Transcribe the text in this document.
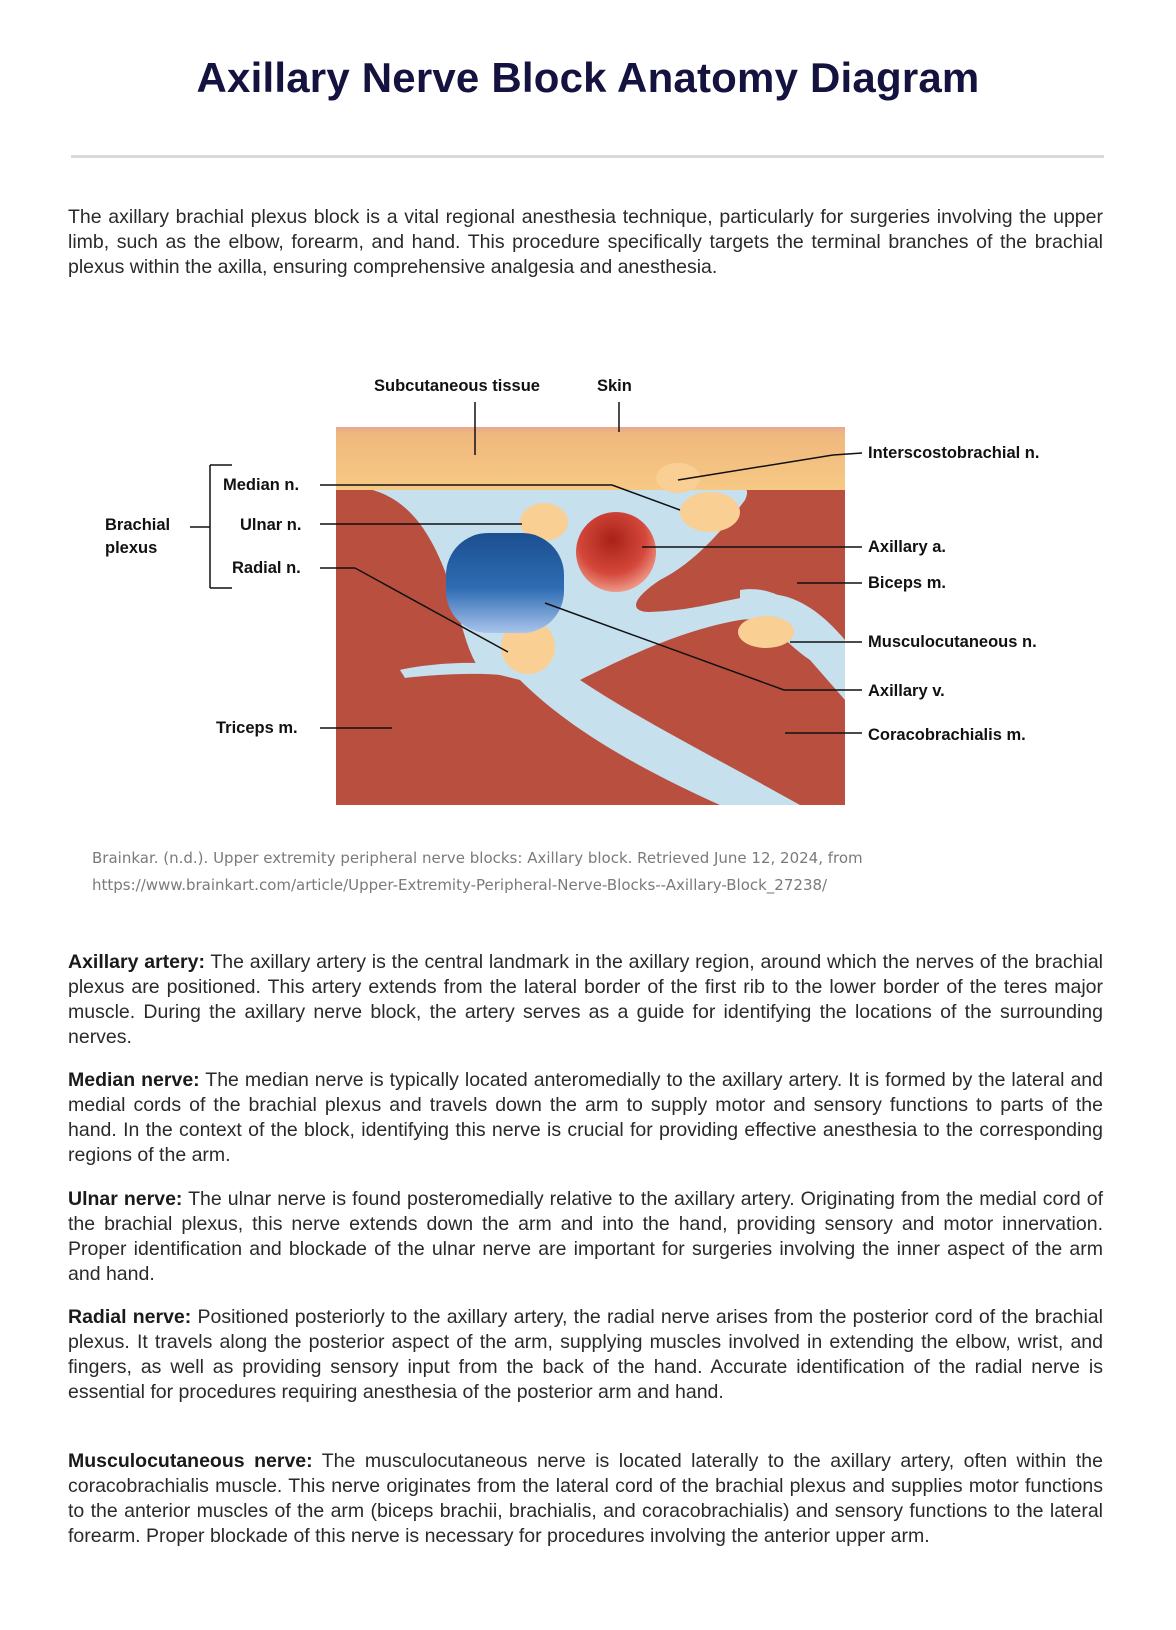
Axillary Nerve Block Anatomy Diagram

The axillary brachial plexus block is a vital regional anesthesia technique, particularly for surgeries involving the upper limb, such as the elbow, forearm, and hand. This procedure specifically targets the terminal branches of the brachial plexus within the axilla, ensuring comprehensive analgesia and anesthesia.

Subcutaneous tissue	Skin
Brachial
plexus
Median n.
Ulnar n.
Radial n.
Triceps m.
Interscostobrachial n.
Axillary a.
Biceps m.
Musculocutaneous n.
Axillary v.
Coracobrachialis m.
Brainkar. (n.d.). Upper extremity peripheral nerve blocks: Axillary block. Retrieved June 12, 2024, from
https://www.brainkart.com/article/Upper-Extremity-Peripheral-Nerve-Blocks--Axillary-Block_27238/

Axillary artery: The axillary artery is the central landmark in the axillary region, around which the nerves of the brachial plexus are positioned. This artery extends from the lateral border of the first rib to the lower border of the teres major muscle. During the axillary nerve block, the artery serves as a guide for identifying the locations of the surrounding nerves.

Median nerve: The median nerve is typically located anteromedially to the axillary artery. It is formed by the lateral and medial cords of the brachial plexus and travels down the arm to supply motor and sensory functions to parts of the hand. In the context of the block, identifying this nerve is crucial for providing effective anesthesia to the corresponding regions of the arm.

Ulnar nerve: The ulnar nerve is found posteromedially relative to the axillary artery. Originating from the medial cord of the brachial plexus, this nerve extends down the arm and into the hand, providing sensory and motor innervation. Proper identification and blockade of the ulnar nerve are important for surgeries involving the inner aspect of the arm and hand.

Radial nerve: Positioned posteriorly to the axillary artery, the radial nerve arises from the posterior cord of the brachial plexus. It travels along the posterior aspect of the arm, supplying muscles involved in extending the elbow, wrist, and fingers, as well as providing sensory input from the back of the hand. Accurate identification of the radial nerve is essential for procedures requiring anesthesia of the posterior arm and hand.

Musculocutaneous nerve: The musculocutaneous nerve is located laterally to the axillary artery, often within the coracobrachialis muscle. This nerve originates from the lateral cord of the brachial plexus and supplies motor functions to the anterior muscles of the arm (biceps brachii, brachialis, and coracobrachialis) and sensory functions to the lateral forearm. Proper blockade of this nerve is necessary for procedures involving the anterior upper arm.
